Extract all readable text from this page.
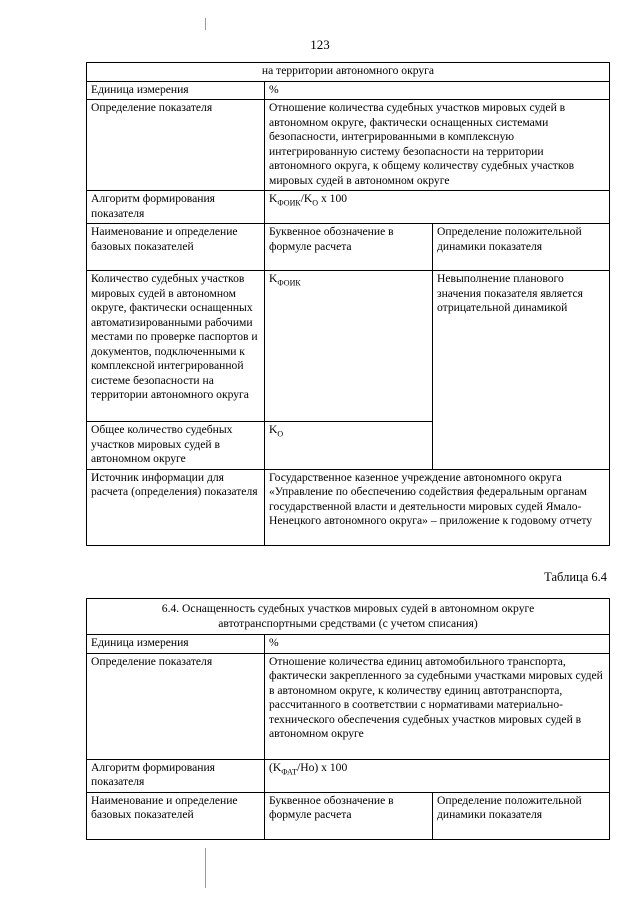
123
на территории автономного округа		
Единица измерения	%	
Определение показателя	Отношение количества судебных участков мировых судей в автономном округе, фактически оснащенных системами безопасности, интегрированными в комплексную интегрированную систему безопасности на территории автономного округа, к общему количеству судебных участков мировых судей в автономном округе	
Алгоритм формирования показателя	$K_{ФОИК}/K_О$ x 100	
Наименование и определение базовых показателей	Буквенное обозначение в формуле расчета	Определение положительной динамики показателя
Количество судебных участков мировых судей в автономном округе, фактически оснащенных автоматизированными рабочими местами по проверке паспортов и документов, подключенными к комплексной интегрированной системе безопасности на территории автономного округа	$K_{ФОИК}$	Невыполнение планового значения показателя является отрицательной динамикой
Общее количество судебных участков мировых судей в автономном округе	$K_О$
Источник информации для расчета (определения) показателя	Государственное казенное учреждение автономного округа «Управление по обеспечению содействия федеральным органам государственной власти и деятельности мировых судей Ямало-Ненецкого автономного округа» – приложение к годовому отчету	
Таблица 6.4
6.4. Оснащенность судебных участков мировых судей в автономном округе автотранспортными средствами (с учетом списания)		
Единица измерения	%	
Определение показателя	Отношение количества единиц автомобильного транспорта, фактически закрепленного за судебными участками мировых судей в автономном округе, к количеству единиц автотранспорта, рассчитанного в соответствии с нормативами материально-технического обеспечения судебных участков мировых судей в автономном округе	
Алгоритм формирования показателя	$(K_{ФАТ}/Hо)$ x 100	
Наименование и определение базовых показателей	Буквенное обозначение в формуле расчета	Определение положительной динамики показателя
